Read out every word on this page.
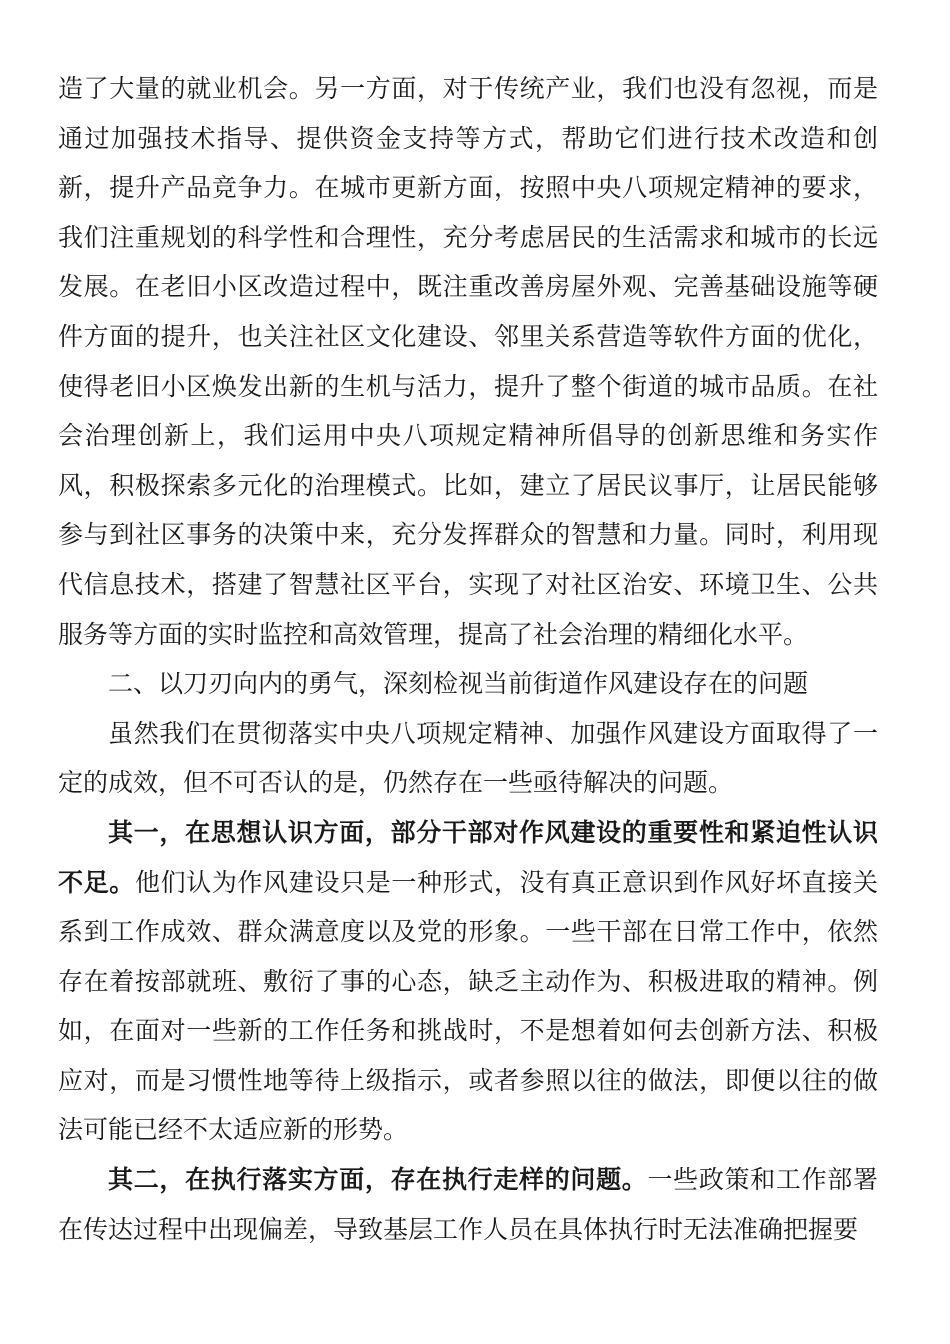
造了大量的就业机会。另一方面，对于传统产业，我们也没有忽视，而是通过加强技术指导、提供资金支持等方式，帮助它们进行技术改造和创新，提升产品竞争力。在城市更新方面，按照中央八项规定精神的要求，我们注重规划的科学性和合理性，充分考虑居民的生活需求和城市的长远发展。在老旧小区改造过程中，既注重改善房屋外观、完善基础设施等硬件方面的提升，也关注社区文化建设、邻里关系营造等软件方面的优化，使得老旧小区焕发出新的生机与活力，提升了整个街道的城市品质。在社会治理创新上，我们运用中央八项规定精神所倡导的创新思维和务实作风，积极探索多元化的治理模式。比如，建立了居民议事厅，让居民能够参与到社区事务的决策中来，充分发挥群众的智慧和力量。同时，利用现代信息技术，搭建了智慧社区平台，实现了对社区治安、环境卫生、公共服务等方面的实时监控和高效管理，提高了社会治理的精细化水平。

二、以刀刃向内的勇气，深刻检视当前街道作风建设存在的问题

虽然我们在贯彻落实中央八项规定精神、加强作风建设方面取得了一定的成效，但不可否认的是，仍然存在一些亟待解决的问题。

其一，在思想认识方面，部分干部对作风建设的重要性和紧迫性认识不足。他们认为作风建设只是一种形式，没有真正意识到作风好坏直接关系到工作成效、群众满意度以及党的形象。一些干部在日常工作中，依然存在着按部就班、敷衍了事的心态，缺乏主动作为、积极进取的精神。例如，在面对一些新的工作任务和挑战时，不是想着如何去创新方法、积极应对，而是习惯性地等待上级指示，或者参照以往的做法，即便以往的做法可能已经不太适应新的形势。

其二，在执行落实方面，存在执行走样的问题。一些政策和工作部署在传达过程中出现偏差，导致基层工作人员在具体执行时无法准确把握要
